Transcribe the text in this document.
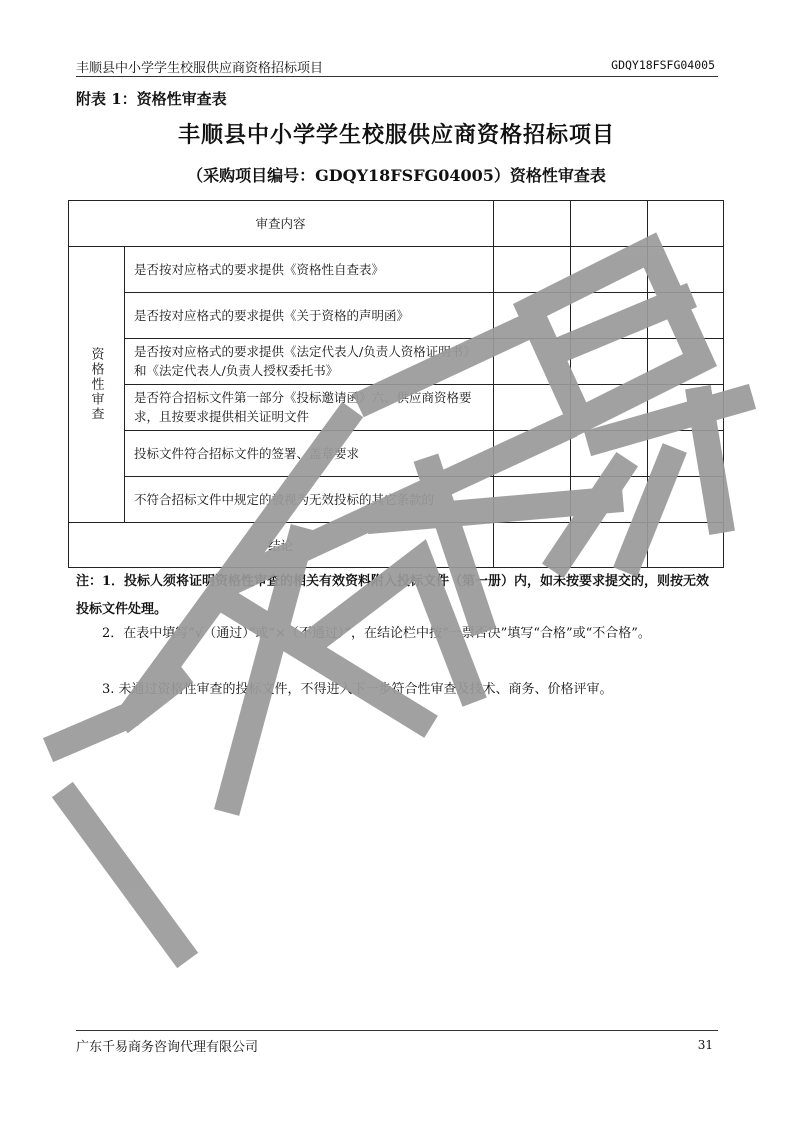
丰顺县中小学学生校服供应商资格招标项目	GDQY18FSFG04005
附表 1：资格性审查表
丰顺县中小学学生校服供应商资格招标项目
（采购项目编号：GDQY18FSFG04005）资格性审查表
审查内容
资格性审查
是否按对应格式的要求提供《资格性自查表》
是否按对应格式的要求提供《关于资格的声明函》
是否按对应格式的要求提供《法定代表人/负责人资格证明书》和《法定代表人/负责人授权委托书》
是否符合招标文件第一部分《投标邀请函》六、供应商资格要求，且按要求提供相关证明文件
投标文件符合招标文件的签署、盖章要求
不符合招标文件中规定的被视为无效投标的其它条款的
结论
注：1．投标人须将证明资格性审查的相关有效资料附入投标文件（第一册）内，如未按要求提交的，则按无效投标文件处理。
2．在表中填写“√（通过）”或“×（不通过）”，在结论栏中按“一票否决”填写“合格”或“不合格”。
3. 未通过资格性审查的投标文件，不得进入下一步符合性审查及技术、商务、价格评审。
广东千易商务咨询代理有限公司	31
